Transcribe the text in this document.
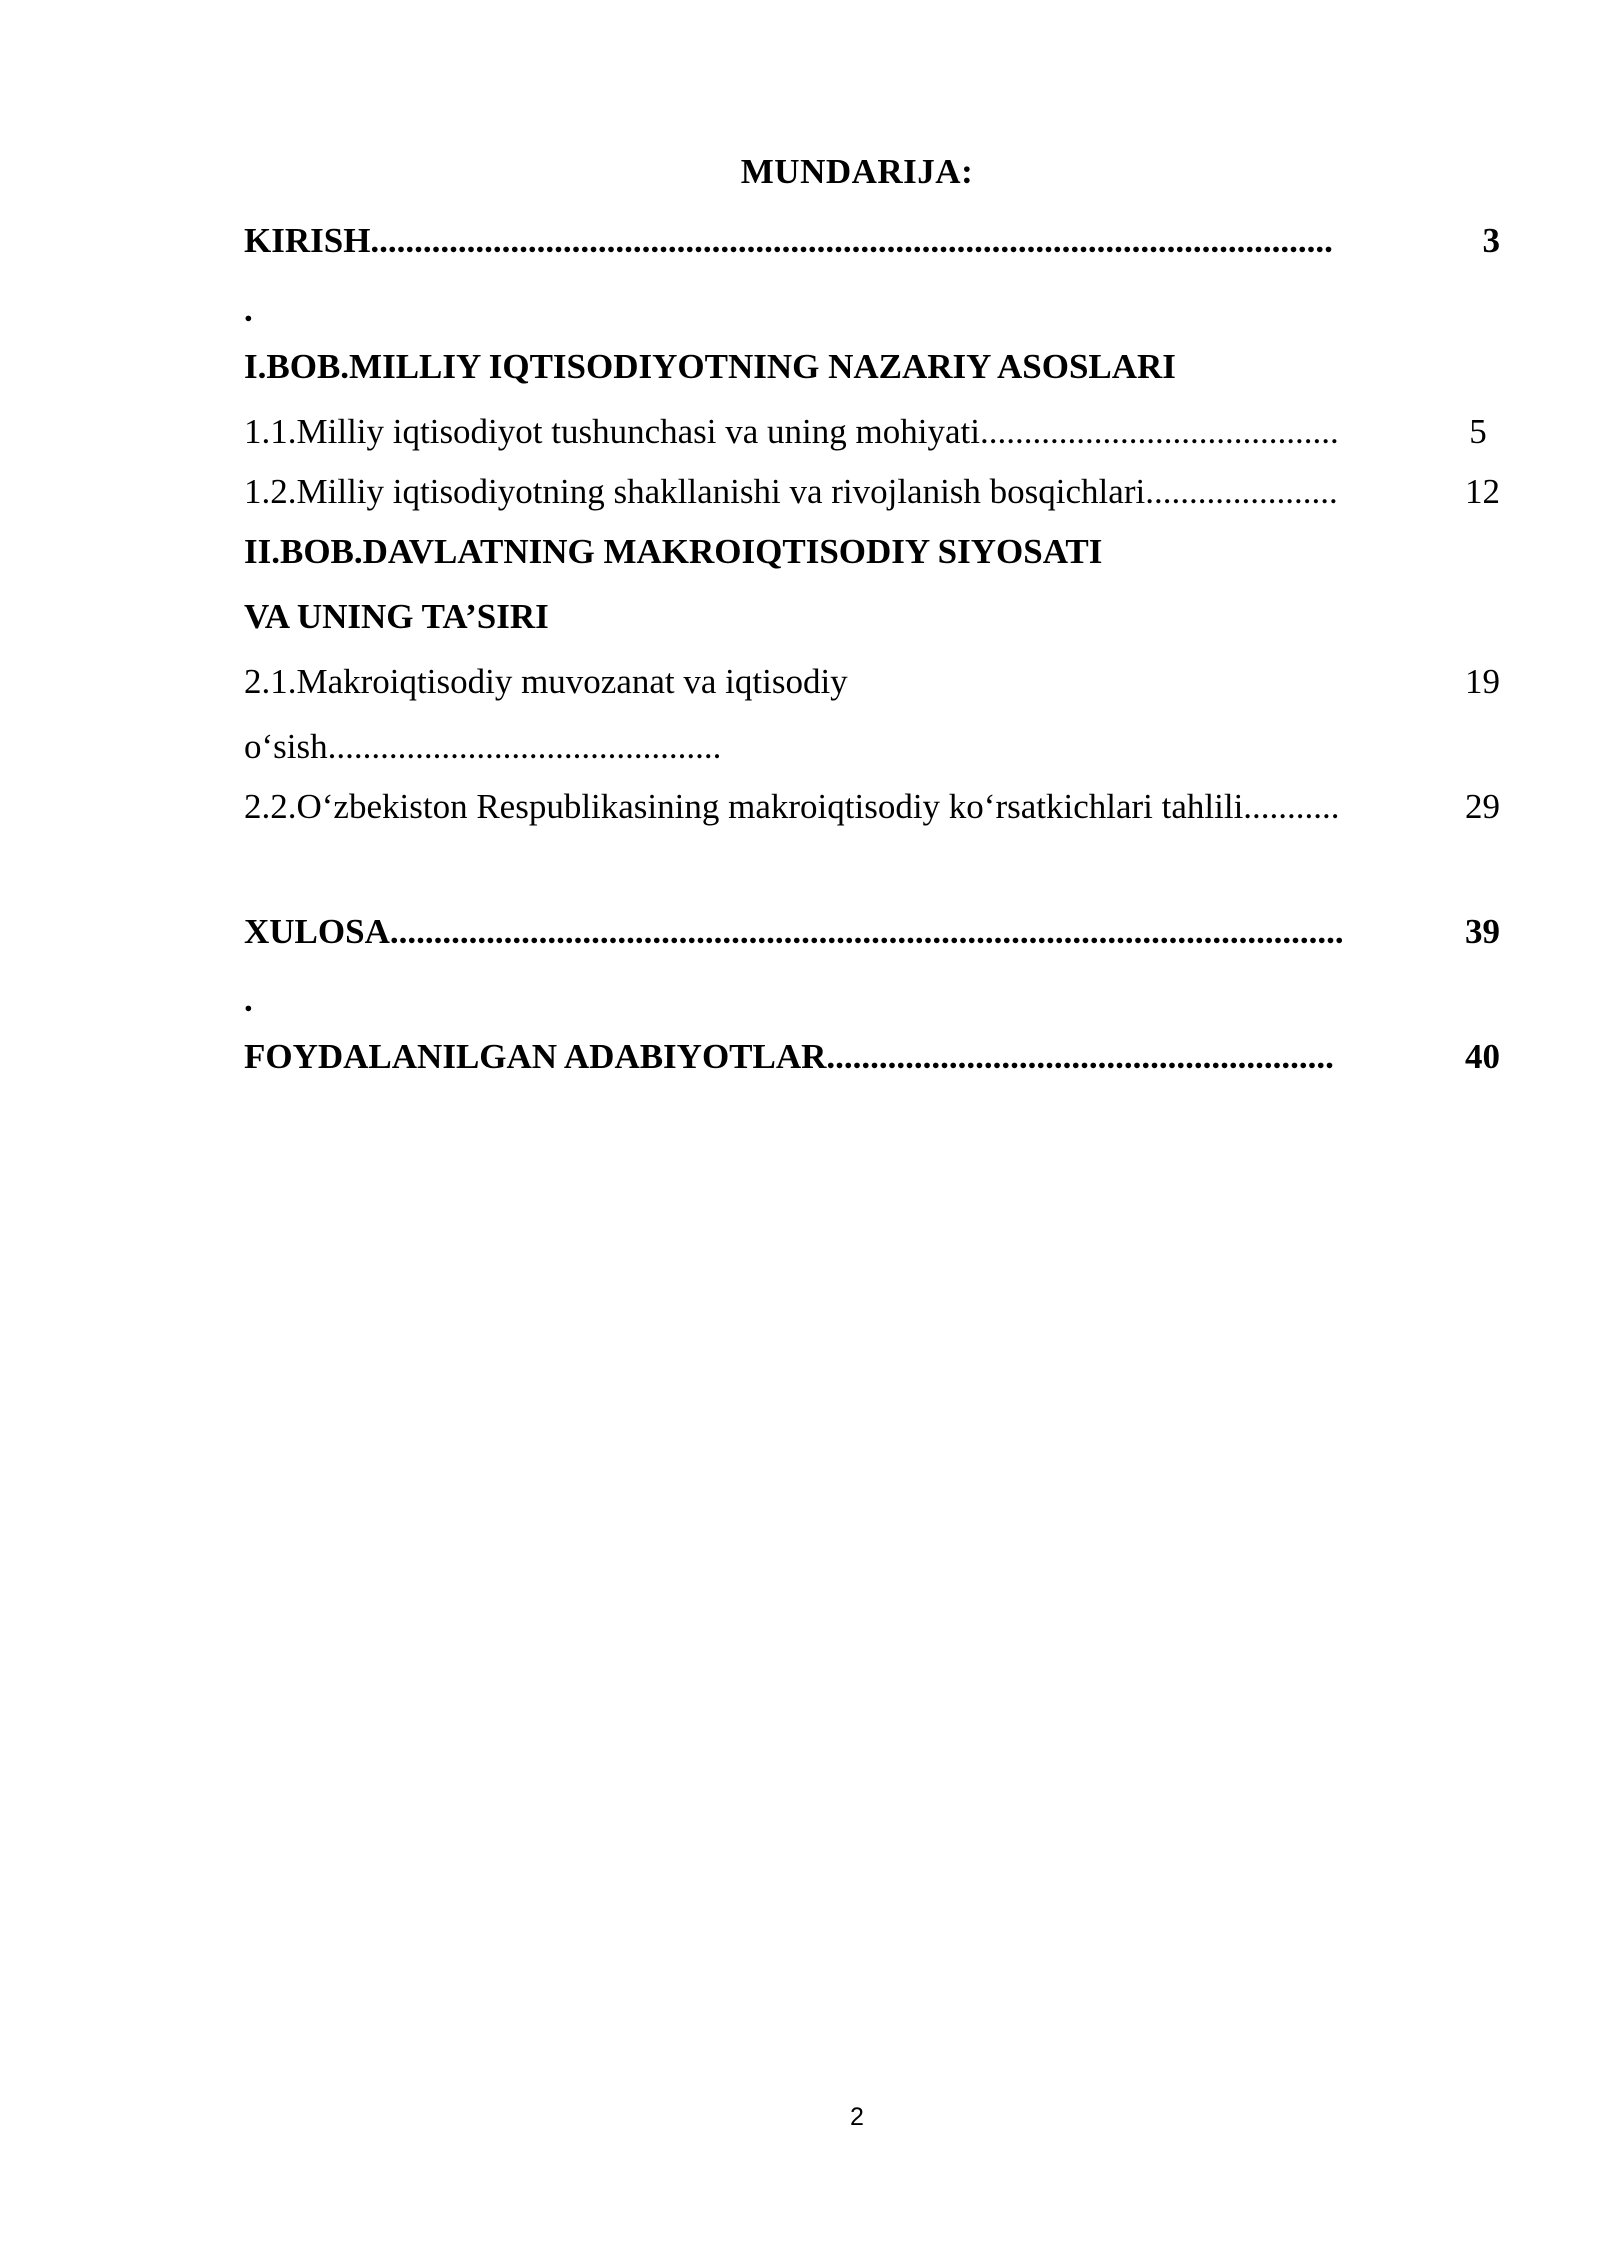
MUNDARIJA:
KIRISH..............................................................................................................	3
.
I.BOB.MILLIY IQTISODIYOTNING NAZARIY ASOSLARI
1.1.Milliy iqtisodiyot tushunchasi va uning mohiyati.........................................	5
1.2.Milliy iqtisodiyotning shakllanishi va rivojlanish bosqichlari......................	12
II.BOB.DAVLATNING MAKROIQTISODIY SIYOSATI
VA UNING TA’SIRI
2.1.Makroiqtisodiy muvozanat va iqtisodiy	19
o‘sish.............................................
2.2.O‘zbekiston Respublikasining makroiqtisodiy ko‘rsatkichlari tahlili...........	29
XULOSA.............................................................................................................	39
.
FOYDALANILGAN ADABIYOTLAR..........................................................	40
2
